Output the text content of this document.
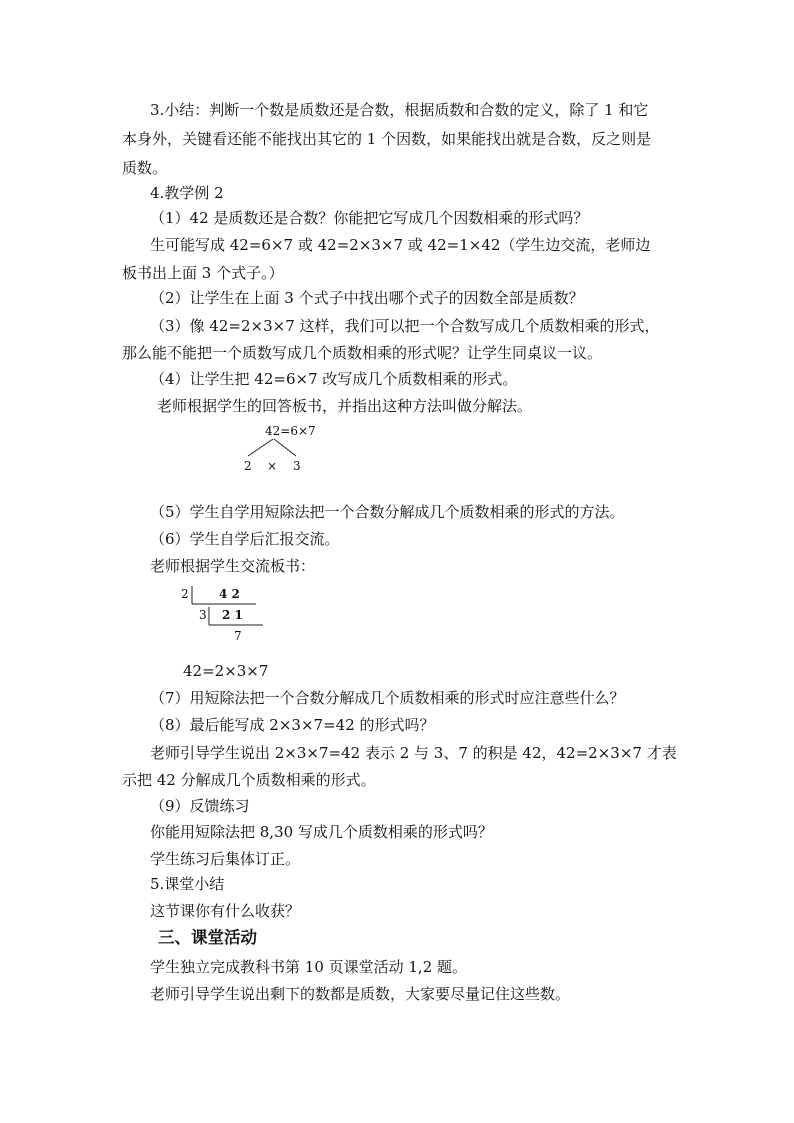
3.小结：判断一个数是质数还是合数，根据质数和合数的定义，除了 1 和它
本身外，关键看还能不能找出其它的 1 个因数，如果能找出就是合数，反之则是
质数。
4.教学例 2
（1）42 是质数还是合数？你能把它写成几个因数相乘的形式吗？
生可能写成 42=6×7 或 42=2×3×7 或 42=1×42（学生边交流，老师边
板书出上面 3 个式子。）
（2）让学生在上面 3 个式子中找出哪个式子的因数全部是质数？
（3）像 42=2×3×7 这样，我们可以把一个合数写成几个质数相乘的形式，
那么能不能把一个质数写成几个质数相乘的形式呢？让学生同桌议一议。
（4）让学生把 42=6×7 改写成几个质数相乘的形式。
老师根据学生的回答板书，并指出这种方法叫做分解法。
42=6×7
2 × 3
（5）学生自学用短除法把一个合数分解成几个质数相乘的形式的方法。
（6）学生自学后汇报交流。
老师根据学生交流板书：
2	4 2
3 2 1
7
42=2×3×7
（7）用短除法把一个合数分解成几个质数相乘的形式时应注意些什么？
（8）最后能写成 2×3×7=42 的形式吗？
老师引导学生说出 2×3×7=42 表示 2 与 3、7 的积是 42，42=2×3×7 才表
示把 42 分解成几个质数相乘的形式。
（9）反馈练习
你能用短除法把 8,30 写成几个质数相乘的形式吗？
学生练习后集体订正。
5.课堂小结
这节课你有什么收获？
三、课堂活动
学生独立完成教科书第 10 页课堂活动 1,2 题。
老师引导学生说出剩下的数都是质数，大家要尽量记住这些数。
